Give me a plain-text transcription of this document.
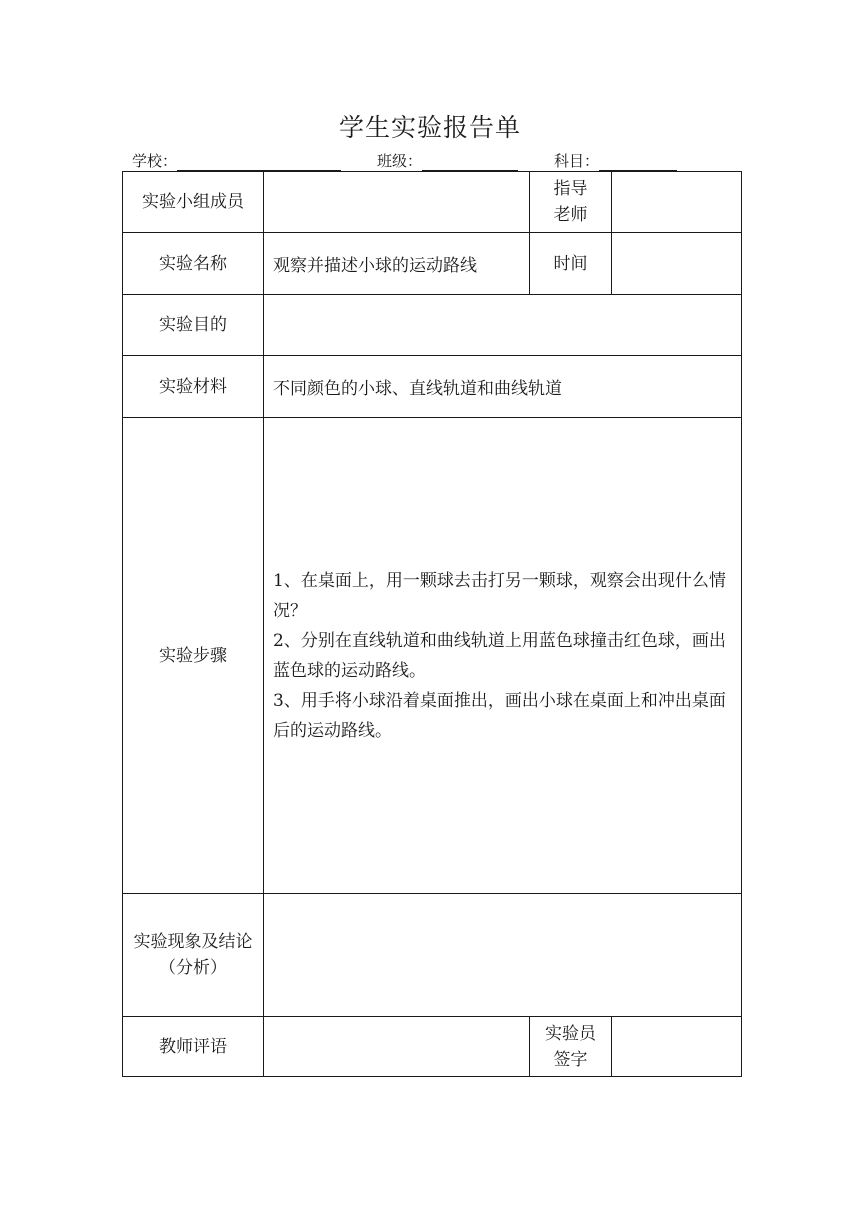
学生实验报告单
学校：	班级：	科目：
实验小组成员		指导
老师	

实验名称	观察并描述小球的运动路线	时间	
实验目的			
实验材料	不同颜色的小球、直线轨道和曲线轨道		
实验步骤	1、在桌面上，用一颗球去击打另一颗球，观察会出现什么情况？
2、分别在直线轨道和曲线轨道上用蓝色球撞击红色球，画出蓝色球的运动路线。
3、用手将小球沿着桌面推出，画出小球在桌面上和冲出桌面后的运动路线。		

实验现象及结论（分析）			
教师评语		实验员
签字	
